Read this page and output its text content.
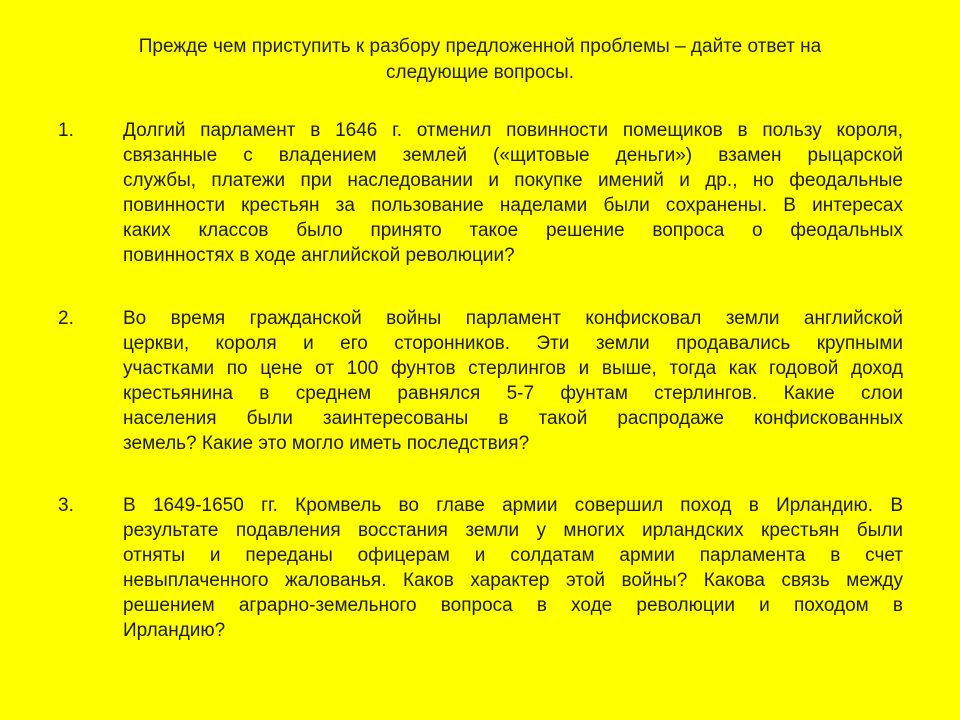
Прежде чем приступить к разбору предложенной проблемы – дайте ответ на
следующие вопросы.
1.	Долгий парламент в 1646 г. отменил повинности помещиков в пользу короля,
связанные с владением землей («щитовые деньги») взамен рыцарской
службы, платежи при наследовании и покупке имений и др., но феодальные
повинности крестьян за пользование наделами были сохранены. В интересах
каких классов было принято такое решение вопроса о феодальных
повинностях в ходе английской революции?
2.	Во время гражданской войны парламент конфисковал земли английской
церкви, короля и его сторонников. Эти земли продавались крупными
участками по цене от 100 фунтов стерлингов и выше, тогда как годовой доход
крестьянина в среднем равнялся 5-7 фунтам стерлингов. Какие слои
населения были заинтересованы в такой распродаже конфискованных
земель? Какие это могло иметь последствия?
3.	В 1649-1650 гг. Кромвель во главе армии совершил поход в Ирландию. В
результате подавления восстания земли у многих ирландских крестьян были
отняты и переданы офицерам и солдатам армии парламента в счет
невыплаченного жалованья. Каков характер этой войны? Какова связь между
решением аграрно-земельного вопроса в ходе революции и походом в
Ирландию?
